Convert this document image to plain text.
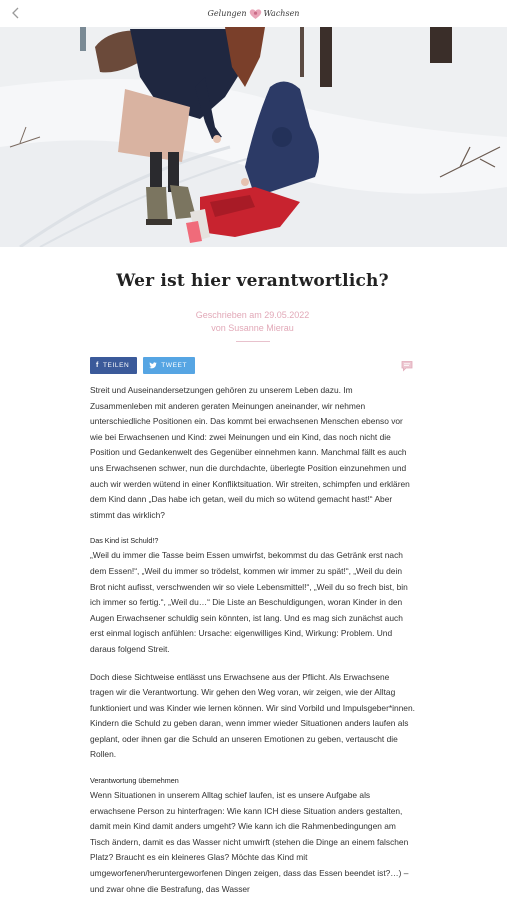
Gelungen Wachsen
Wer ist hier verantwortlich?
Geschrieben am 29.05.2022
von Susanne Mierau
f TEILEN	TWEET

Streit und Auseinandersetzungen gehören zu unserem Leben dazu. Im Zusammenleben mit anderen geraten Meinungen aneinander, wir nehmen unterschiedliche Positionen ein. Das kommt bei erwachsenen Menschen ebenso vor wie bei Erwachsenen und Kind: zwei Meinungen und ein Kind, das noch nicht die Position und Gedankenwelt des Gegenüber einnehmen kann. Manchmal fällt es auch uns Erwachsenen schwer, nun die durchdachte, überlegte Position einzunehmen und auch wir werden wütend in einer Konfliktsituation. Wir streiten, schimpfen und erklären dem Kind dann „Das habe ich getan, weil du mich so wütend gemacht hast!“ Aber stimmt das wirklich?

Das Kind ist Schuld!?

„Weil du immer die Tasse beim Essen umwirfst, bekommst du das Getränk erst nach dem Essen!“, „Weil du immer so trödelst, kommen wir immer zu spät!“, „Weil du dein Brot nicht aufisst, verschwenden wir so viele Lebensmittel!“, „Weil du so frech bist, bin ich immer so fertig.“, „Weil du…“ Die Liste an Beschuldigungen, woran Kinder in den Augen Erwachsener schuldig sein könnten, ist lang. Und es mag sich zunächst auch erst einmal logisch anfühlen: Ursache: eigenwilliges Kind, Wirkung: Problem. Und daraus folgend Streit.

Doch diese Sichtweise entlässt uns Erwachsene aus der Pflicht. Als Erwachsene tragen wir die Verantwortung. Wir gehen den Weg voran, wir zeigen, wie der Alltag funktioniert und was Kinder wie lernen können. Wir sind Vorbild und Impulsgeber*innen. Kindern die Schuld zu geben daran, wenn immer wieder Situationen anders laufen als geplant, oder ihnen gar die Schuld an unseren Emotionen zu geben, vertauscht die Rollen.

Verantwortung übernehmen

Wenn Situationen in unserem Alltag schief laufen, ist es unsere Aufgabe als erwachsene Person zu hinterfragen: Wie kann ICH diese Situation anders gestalten, damit mein Kind damit anders umgeht? Wie kann ich die Rahmenbedingungen am Tisch ändern, damit es das Wasser nicht umwirft (stehen die Dinge an einem falschen Platz? Braucht es ein kleineres Glas? Möchte das Kind mit umgeworfenen/heruntergeworfenen Dingen zeigen, dass das Essen beendet ist?…) – und zwar ohne die Bestrafung, das Wasser
